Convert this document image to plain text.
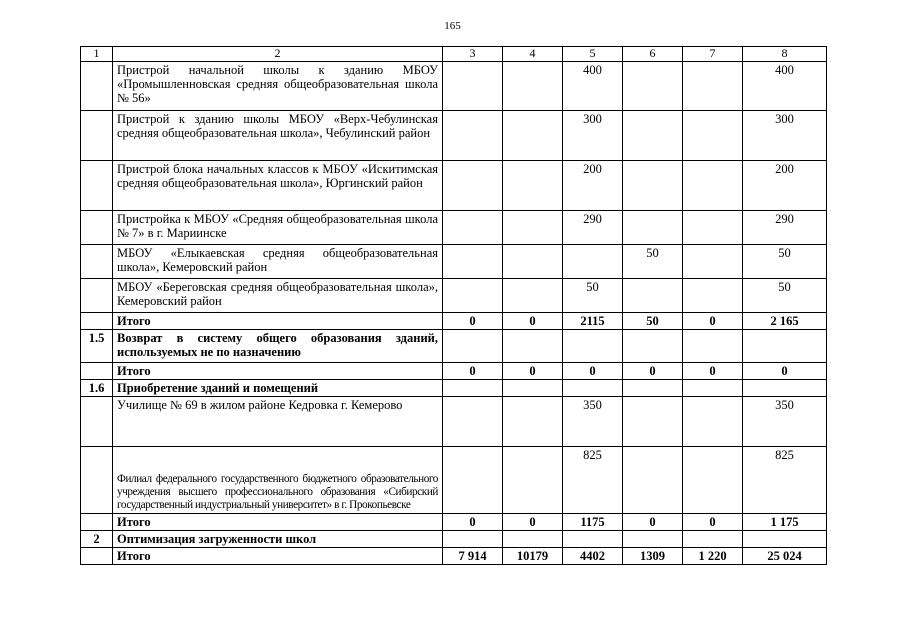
165
1	2	3	4	5	6	7	8
	Пристрой начальной школы к зданию МБОУ «Промышленновская средняя общеобразовательная школа № 56»			400			400
	Пристрой к зданию школы МБОУ «Верх-Чебулинская средняя общеобразовательная школа», Чебулинский район			300			300
	Пристрой блока начальных классов к МБОУ «Искитимская средняя общеобразовательная школа», Юргинский район			200			200
	Пристройка к МБОУ «Средняя общеобразовательная школа № 7» в г. Мариинске			290			290
	МБОУ «Елыкаевская средняя общеобразовательная школа», Кемеровский район				50		50
	МБОУ «Береговская средняя общеобразовательная школа», Кемеровский район			50			50
	Итого	0	0	2115	50	0	2 165
1.5	Возврат в систему общего образования зданий, используемых не по назначению						
	Итого	0	0	0	0	0	0
1.6	Приобретение зданий и помещений						
	Училище № 69 в жилом районе Кедровка г. Кемерово			350			350
	Филиал федерального государственного бюджетного образовательного учреждения высшего профессионального образования «Сибирский государственный индустриальный университет» в г. Прокопьевске			825			825
	Итого	0	0	1175	0	0	1 175
2	Оптимизация загруженности школ						
	Итого	7 914	10179	4402	1309	1 220	25 024
